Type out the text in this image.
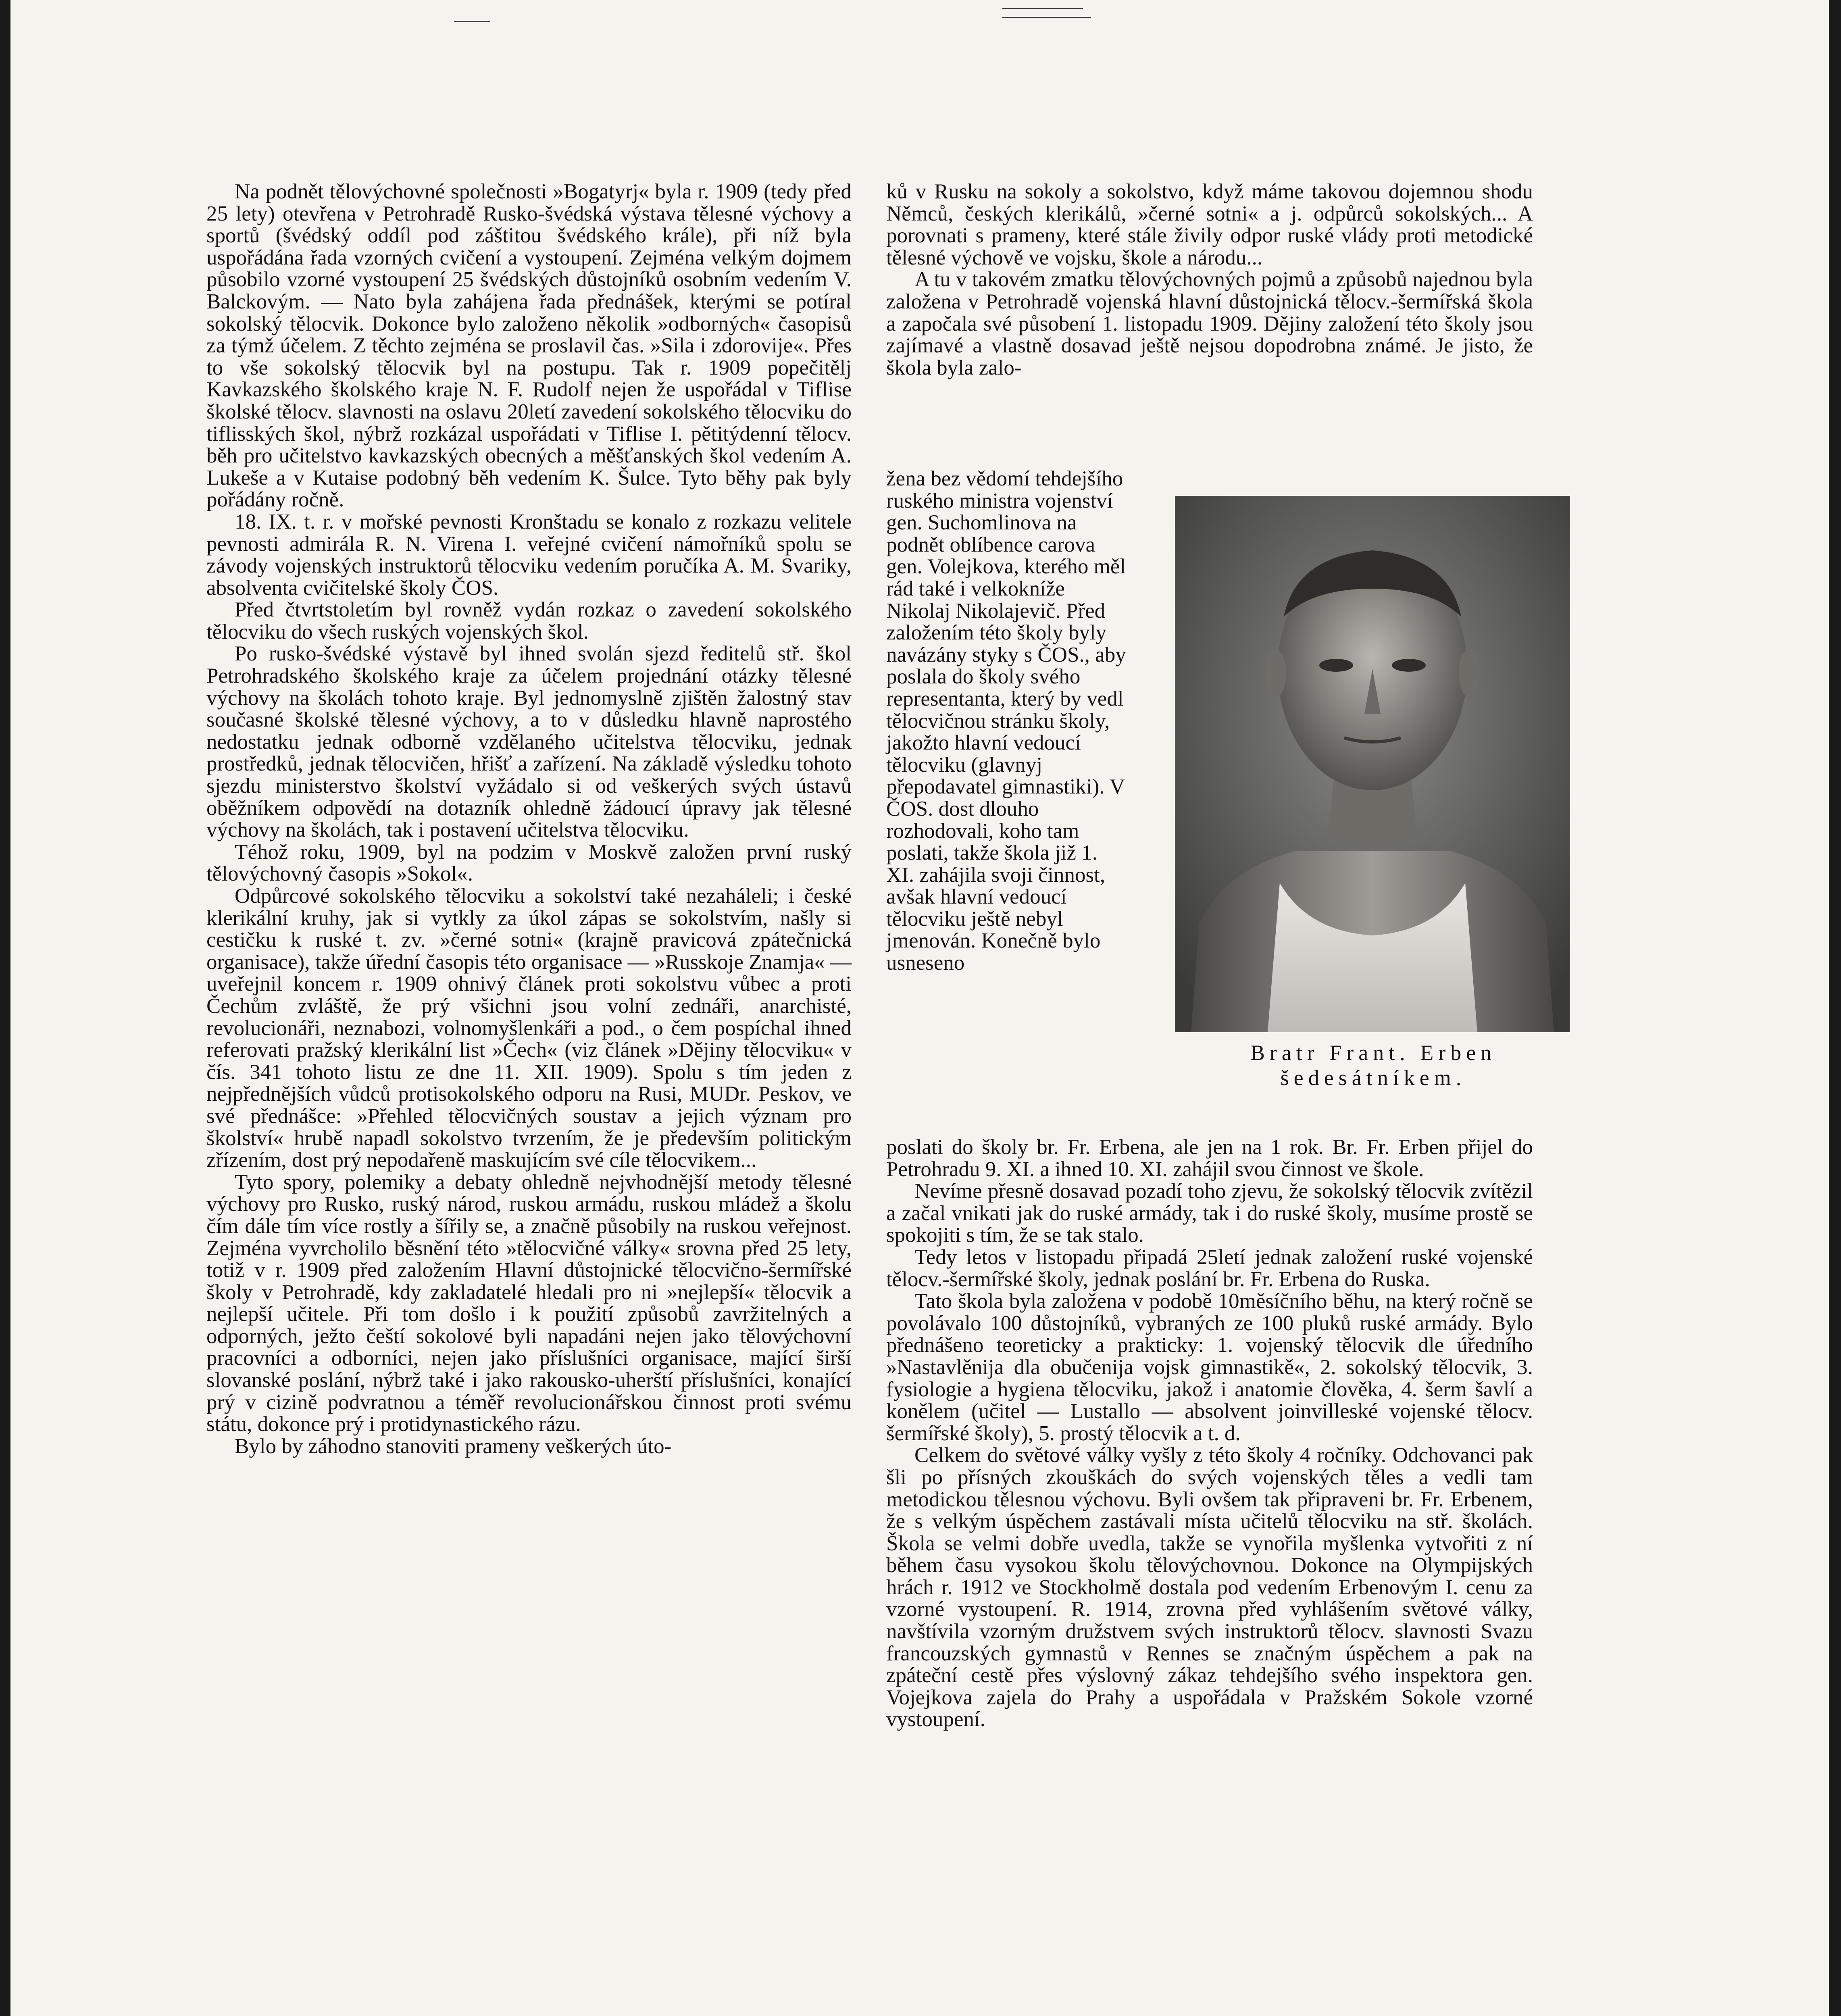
Na podnět tělovýchovné společnosti »Bogatyrj« byla r. 1909 (tedy před 25 lety) otevřena v Petrohradě Rusko-švédská výstava tělesné výchovy a sportů (švédský oddíl pod záštitou švédského krále), při níž byla uspořádána řada vzorných cvičení a vystoupení. Zejména velkým dojmem působilo vzorné vystoupení 25 švédských důstojníků osobním vedením V. Balckovým. — Nato byla zahájena řada přednášek, kterými se potíral sokolský tělocvik. Dokonce bylo založeno několik »odborných« časopisů za týmž účelem. Z těchto zejména se proslavil čas. »Sila i zdorovije«. Přes to vše sokolský tělocvik byl na postupu. Tak r. 1909 popečitělj Kavkazského školského kraje N. F. Rudolf nejen že uspořádal v Tiflise školské tělocv. slavnosti na oslavu 20letí zavedení sokolského tělocviku do tiflisských škol, nýbrž rozkázal uspořádati v Tiflise I. pětitýdenní tělocv. běh pro učitelstvo kavkazských obecných a měšťanských škol vedením A. Lukeše a v Kutaise podobný běh vedením K. Šulce. Tyto běhy pak byly pořádány ročně.

18. IX. t. r. v mořské pevnosti Kronštadu se konalo z rozkazu velitele pevnosti admirála R. N. Virena I. veřejné cvičení námořníků spolu se závody vojenských instruktorů tělocviku vedením poručíka A. M. Svariky, absolventa cvičitelské školy ČOS.

Před čtvrtstoletím byl rovněž vydán rozkaz o zavedení sokolského tělocviku do všech ruských vojenských škol.

Po rusko-švédské výstavě byl ihned svolán sjezd ředitelů stř. škol Petrohradského školského kraje za účelem projednání otázky tělesné výchovy na školách tohoto kraje. Byl jednomyslně zjištěn žalostný stav současné školské tělesné výchovy, a to v důsledku hlavně naprostého nedostatku jednak odborně vzdělaného učitelstva tělocviku, jednak prostředků, jednak tělocvičen, hřišť a zařízení. Na základě výsledku tohoto sjezdu ministerstvo školství vyžádalo si od veškerých svých ústavů oběžníkem odpovědí na dotazník ohledně žádoucí úpravy jak tělesné výchovy na školách, tak i postavení učitelstva tělocviku.

Téhož roku, 1909, byl na podzim v Moskvě založen první ruský tělovýchovný časopis »Sokol«.

Odpůrcové sokolského tělocviku a sokolství také nezaháleli; i české klerikální kruhy, jak si vytkly za úkol zápas se sokolstvím, našly si cestičku k ruské t. zv. »černé sotni« (krajně pravicová zpátečnická organisace), takže úřední časopis této organisace — »Russkoje Znamja« — uveřejnil koncem r. 1909 ohnivý článek proti sokolstvu vůbec a proti Čechům zvláště, že prý všichni jsou volní zednáři, anarchisté, revolucionáři, neznabozi, volnomyšlenkáři a pod., o čem pospíchal ihned referovati pražský klerikální list »Čech« (viz článek »Dějiny tělocviku« v čís. 341 tohoto listu ze dne 11. XII. 1909). Spolu s tím jeden z nejpřednějších vůdců protisokolského odporu na Rusi, MUDr. Peskov, ve své přednášce: »Přehled tělocvičných soustav a jejich význam pro školství« hrubě napadl sokolstvo tvrzením, že je především politickým zřízením, dost prý nepodařeně maskujícím své cíle tělocvikem...

Tyto spory, polemiky a debaty ohledně nejvhodnější metody tělesné výchovy pro Rusko, ruský národ, ruskou armádu, ruskou mládež a školu čím dále tím více rostly a šířily se, a značně působily na ruskou veřejnost. Zejména vyvrcholilo běsnění této »tělocvičné války« srovna před 25 lety, totiž v r. 1909 před založením Hlavní důstojnické tělocvično-šermířské školy v Petrohradě, kdy zakladatelé hledali pro ni »nejlepší« tělocvik a nejlepší učitele. Při tom došlo i k použití způsobů zavržitelných a odporných, ježto čeští sokolové byli napadáni nejen jako tělovýchovní pracovníci a odborníci, nejen jako příslušníci organisace, mající širší slovanské poslání, nýbrž také i jako rakousko-uherští příslušníci, konající prý v cizině podvratnou a téměř revolucionářskou činnost proti svému státu, dokonce prý i protidynastického rázu.

Bylo by záhodno stanoviti prameny veškerých úto-

ků v Rusku na sokoly a sokolstvo, když máme takovou dojemnou shodu Němců, českých klerikálů, »černé sotni« a j. odpůrců sokolských... A porovnati s prameny, které stále živily odpor ruské vlády proti metodické tělesné výchově ve vojsku, škole a národu...

A tu v takovém zmatku tělovýchovných pojmů a způsobů najednou byla založena v Petrohradě vojenská hlavní důstojnická tělocv.-šermířská škola a započala své působení 1. listopadu 1909. Dějiny založení této školy jsou zajímavé a vlastně dosavad ještě nejsou dopodrobna známé. Je jisto, že škola byla zalo-

žena bez vědomí tehdejšího ruského ministra vojenství gen. Suchomlinova na podnět oblíbence carova gen. Volejkova, kterého měl rád také i velkokníže Nikolaj Nikolajevič. Před založením této školy byly navázány styky s ČOS., aby poslala do školy svého representanta, který by vedl tělocvičnou stránku školy, jakožto hlavní vedoucí tělocviku (glavnyj přepodavatel gimnastiki). V ČOS. dost dlouho rozhodovali, koho tam poslati, takže škola již 1. XI. zahájila svoji činnost, avšak hlavní vedoucí tělocviku ještě nebyl jmenován. Konečně bylo usneseno

Bratr Frant. Erben
šedesátníkem.

poslati do školy br. Fr. Erbena, ale jen na 1 rok. Br. Fr. Erben přijel do Petrohradu 9. XI. a ihned 10. XI. zahájil svou činnost ve škole.

Nevíme přesně dosavad pozadí toho zjevu, že sokolský tělocvik zvítězil a začal vnikati jak do ruské armády, tak i do ruské školy, musíme prostě se spokojiti s tím, že se tak stalo.

Tedy letos v listopadu připadá 25letí jednak založení ruské vojenské tělocv.-šermířské školy, jednak poslání br. Fr. Erbena do Ruska.

Tato škola byla založena v podobě 10měsíčního běhu, na který ročně se povolávalo 100 důstojníků, vybraných ze 100 pluků ruské armády. Bylo přednášeno teoreticky a prakticky: 1. vojenský tělocvik dle úředního »Nastavlěnija dla obučenija vojsk gimnastikě«, 2. sokolský tělocvik, 3. fysiologie a hygiena tělocviku, jakož i anatomie člověka, 4. šerm šavlí a konělem (učitel — Lustallo — absolvent joinvilleské vojenské tělocv. šermířské školy), 5. prostý tělocvik a t. d.

Celkem do světové války vyšly z této školy 4 ročníky. Odchovanci pak šli po přísných zkouškách do svých vojenských těles a vedli tam metodickou tělesnou výchovu. Byli ovšem tak připraveni br. Fr. Erbenem, že s velkým úspěchem zastávali místa učitelů tělocviku na stř. školách. Škola se velmi dobře uvedla, takže se vynořila myšlenka vytvořiti z ní během času vysokou školu tělovýchovnou. Dokonce na Olympijských hrách r. 1912 ve Stockholmě dostala pod vedením Erbenovým I. cenu za vzorné vystoupení. R. 1914, zrovna před vyhlášením světové války, navštívila vzorným družstvem svých instruktorů tělocv. slavnosti Svazu francouzských gymnastů v Rennes se značným úspěchem a pak na zpáteční cestě přes výslovný zákaz tehdejšího svého inspektora gen. Vojejkova zajela do Prahy a uspořádala v Pražském Sokole vzorné vystoupení.
